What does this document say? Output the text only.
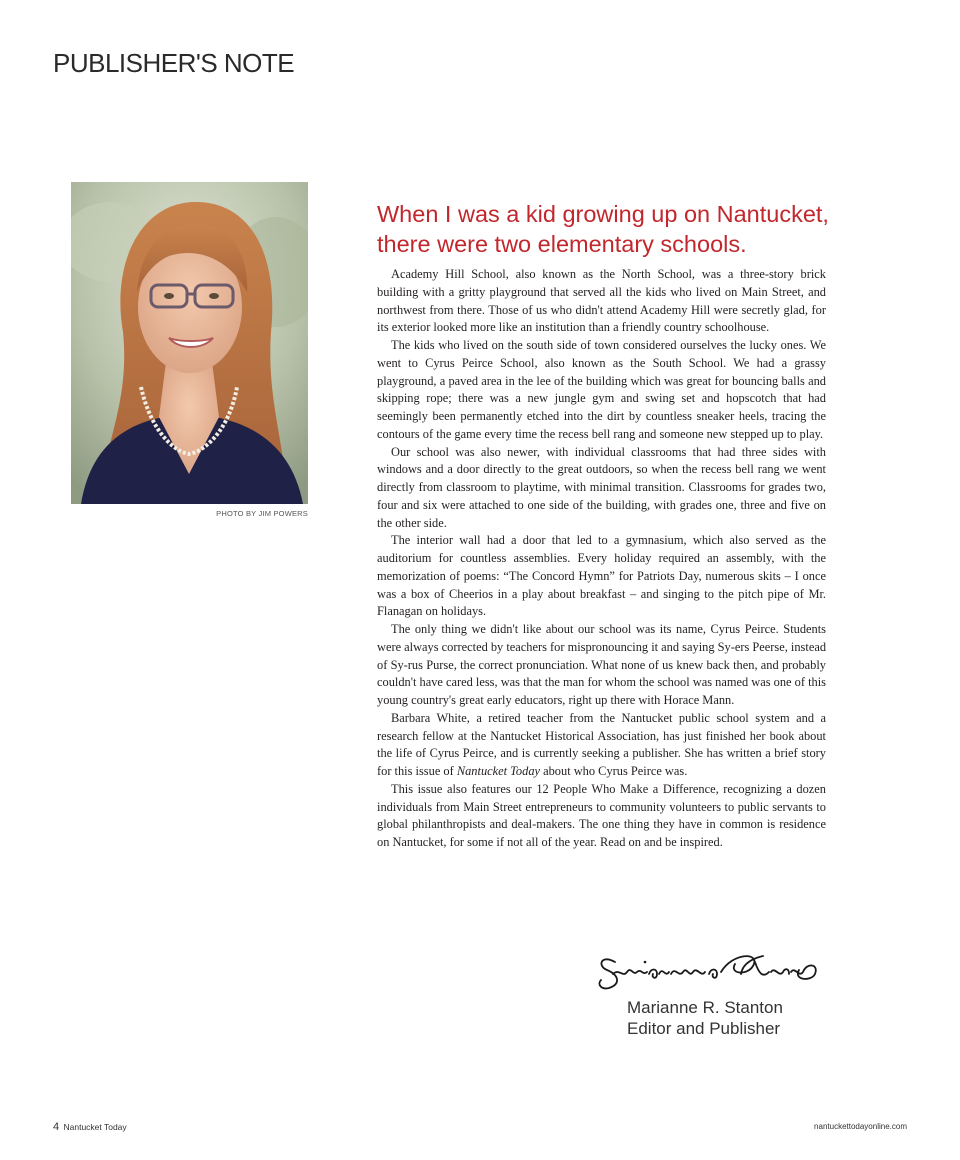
PUBLISHER'S NOTE
PHOTO BY JIM POWERS
When I was a kid growing up on Nantucket,
there were two elementary schools.

Academy Hill School, also known as the North School, was a three-story brick building with a gritty playground that served all the kids who lived on Main Street, and northwest from there. Those of us who didn't attend Academy Hill were secretly glad, for its exterior looked more like an institution than a friendly country schoolhouse.

The kids who lived on the south side of town considered ourselves the lucky ones. We went to Cyrus Peirce School, also known as the South School. We had a grassy playground, a paved area in the lee of the building which was great for bouncing balls and skipping rope; there was a new jungle gym and swing set and hopscotch that had seemingly been permanently etched into the dirt by countless sneaker heels, tracing the contours of the game every time the recess bell rang and someone new stepped up to play.

Our school was also newer, with individual classrooms that had three sides with windows and a door directly to the great outdoors, so when the recess bell rang we went directly from classroom to playtime, with minimal transition. Classrooms for grades two, four and six were attached to one side of the building, with grades one, three and five on the other side.

The interior wall had a door that led to a gymnasium, which also served as the auditorium for countless assemblies. Every holiday required an assembly, with the memorization of poems: “The Concord Hymn” for Patriots Day, numerous skits – I once was a box of Cheerios in a play about breakfast – and singing to the pitch pipe of Mr. Flanagan on holidays.

The only thing we didn't like about our school was its name, Cyrus Peirce. Students were always corrected by teachers for mispronouncing it and saying Sy-ers Peerse, instead of Sy-rus Purse, the correct pronunciation. What none of us knew back then, and probably couldn't have cared less, was that the man for whom the school was named was one of this young country's great early educators, right up there with Horace Mann.

Barbara White, a retired teacher from the Nantucket public school system and a research fellow at the Nantucket Historical Association, has just finished her book about the life of Cyrus Peirce, and is currently seeking a publisher. She has written a brief story for this issue of Nantucket Today about who Cyrus Peirce was.

This issue also features our 12 People Who Make a Difference, recognizing a dozen individuals from Main Street entrepreneurs to community volunteers to public servants to global philanthropists and deal-makers. The one thing they have in common is residence on Nantucket, for some if not all of the year. Read on and be inspired.

Marianne R. Stanton
Editor and Publisher
4 Nantucket Today	nantuckettodayonline.com
